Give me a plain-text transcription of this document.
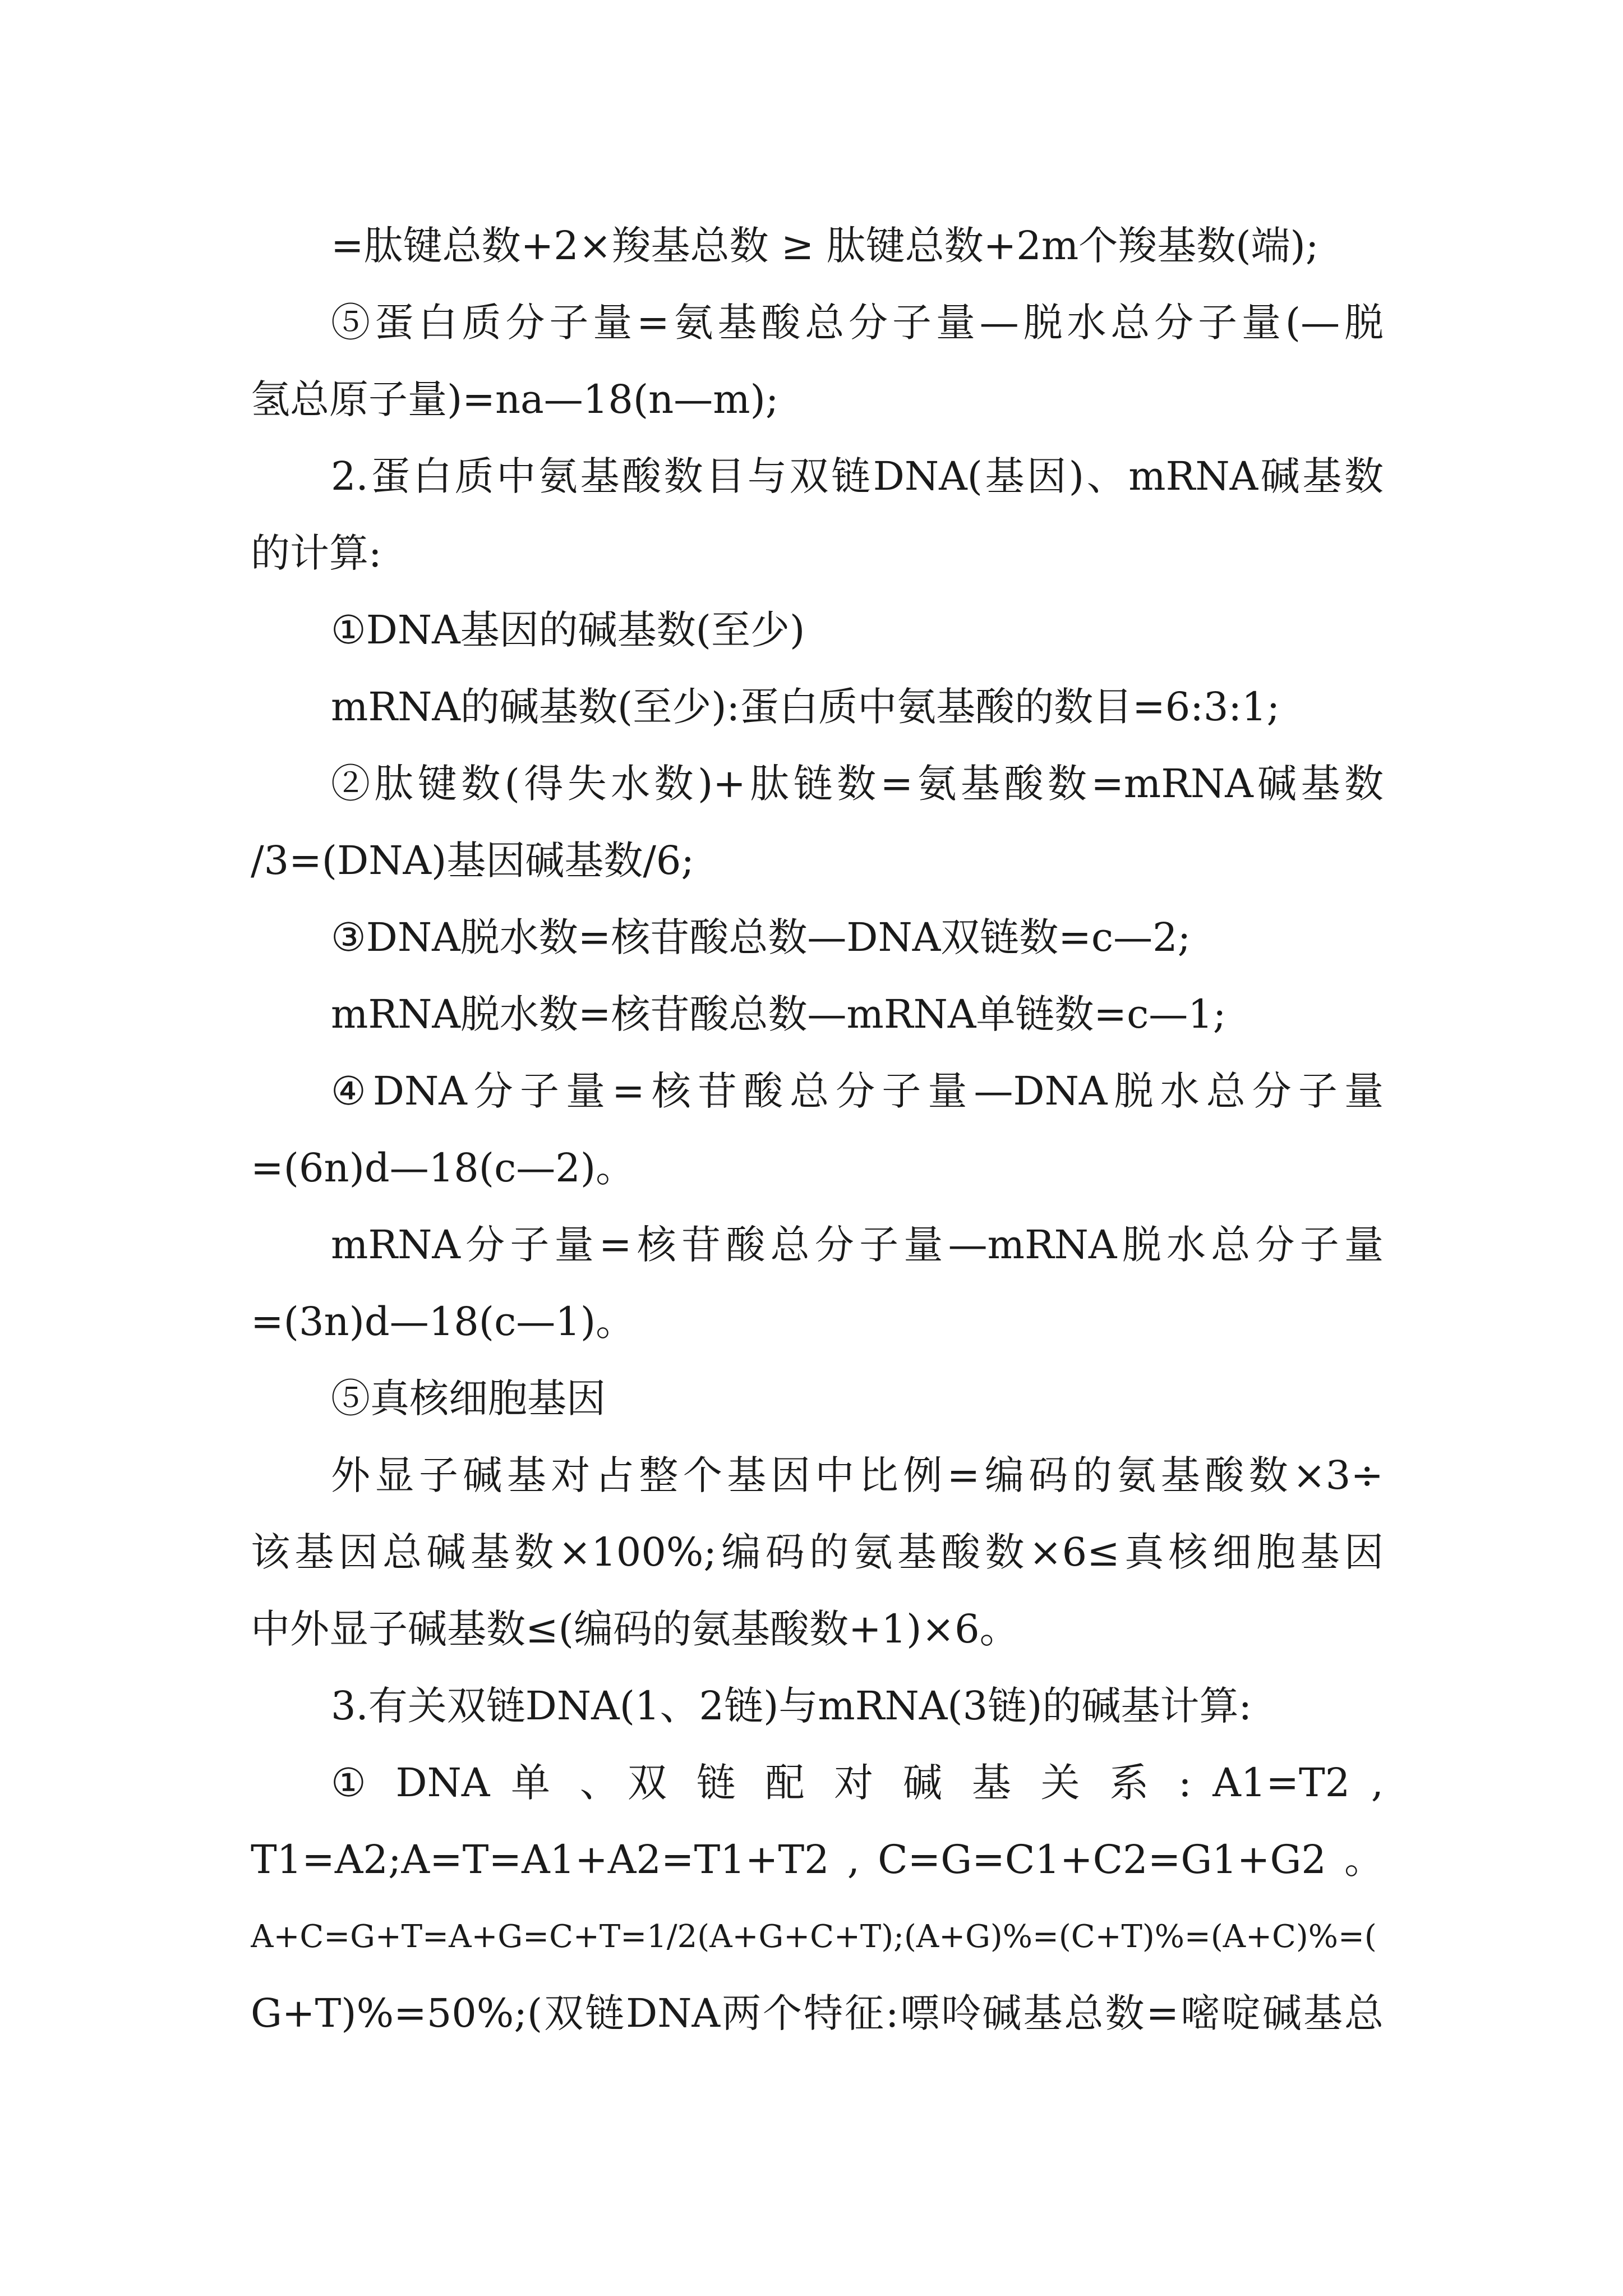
=肽键总数+2×羧基总数 ≥ 肽键总数+2m个羧基数(端);
⑤蛋白质分子量=氨基酸总分子量—脱水总分子量(—脱
氢总原子量)=na—18(n—m);
2.蛋白质中氨基酸数目与双链DNA(基因)、mRNA碱基数
的计算:
①DNA基因的碱基数(至少)
mRNA的碱基数(至少):蛋白质中氨基酸的数目=6:3:1;
②肽键数(得失水数)+肽链数=氨基酸数=mRNA碱基数
/3=(DNA)基因碱基数/6;
③DNA脱水数=核苷酸总数—DNA双链数=c—2;
mRNA脱水数=核苷酸总数—mRNA单链数=c—1;
④DNA分子量=核苷酸总分子量—DNA脱水总分子量
=(6n)d—18(c—2)。
mRNA分子量=核苷酸总分子量—mRNA脱水总分子量
=(3n)d—18(c—1)。
⑤真核细胞基因
外显子碱基对占整个基因中比例=编码的氨基酸数×3÷
该基因总碱基数×100%;编码的氨基酸数×6≤真核细胞基因
中外显子碱基数≤(编码的氨基酸数+1)×6。
3.有关双链DNA(1、2链)与mRNA(3链)的碱基计算:
① DNA 单 、双 链 配 对 碱 基 关 系 : A1=T2 ,
T1=A2;A=T=A1+A2=T1+T2 , C=G=C1+C2=G1+G2 。
A+C=G+T=A+G=C+T=1/2(A+G+C+T);(A+G)%=(C+T)%=(A+C)%=(
G+T)%=50%;(双链DNA两个特征:嘌呤碱基总数=嘧啶碱基总
